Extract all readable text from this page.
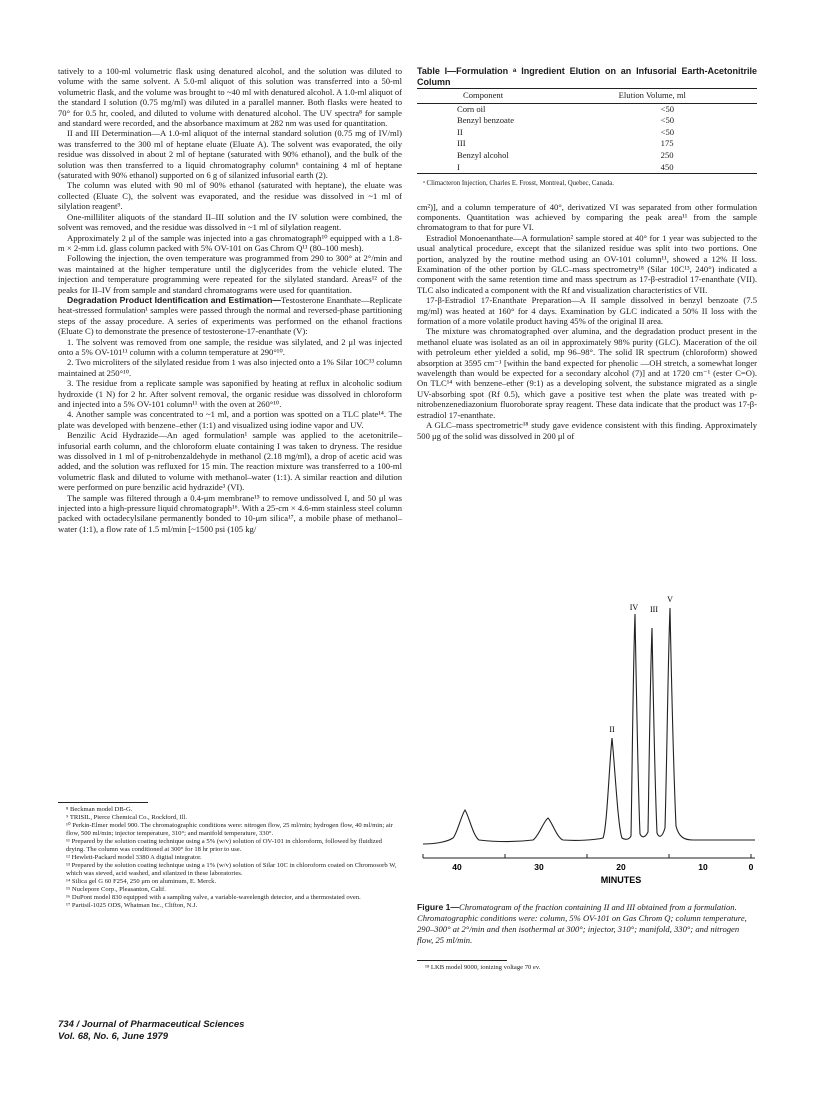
tatively to a 100-ml volumetric flask using denatured alcohol, and the solution was diluted to volume with the same solvent. A 5.0-ml aliquot of this solution was transferred into a 50-ml volumetric flask, and the volume was brought to ~40 ml with denatured alcohol. A 1.0-ml aliquot of the standard I solution (0.75 mg/ml) was diluted in a parallel manner. Both flasks were heated to 70° for 0.5 hr, cooled, and diluted to volume with denatured alcohol. The UV spectra⁸ for sample and standard were recorded, and the absorbance maximum at 282 nm was used for quantitation.

II and III Determination—A 1.0-ml aliquot of the internal standard solution (0.75 mg of IV/ml) was transferred to the 300 ml of heptane eluate (Eluate A). The solvent was evaporated, the oily residue was dissolved in about 2 ml of heptane (saturated with 90% ethanol), and the bulk of the solution was then transferred to a liquid chromatography column⁶ containing 4 ml of heptane (saturated with 90% ethanol) supported on 6 g of silanized infusorial earth (2).

The column was eluted with 90 ml of 90% ethanol (saturated with heptane), the eluate was collected (Eluate C), the solvent was evaporated, and the residue was dissolved in ~1 ml of silylation reagent⁹.

One-milliliter aliquots of the standard II–III solution and the IV solution were combined, the solvent was removed, and the residue was dissolved in ~1 ml of silylation reagent.

Approximately 2 μl of the sample was injected into a gas chromatograph¹⁰ equipped with a 1.8-m × 2-mm i.d. glass column packed with 5% OV-101 on Gas Chrom Q¹¹ (80–100 mesh).

Following the injection, the oven temperature was programmed from 290 to 300° at 2°/min and was maintained at the higher temperature until the diglycerides from the vehicle eluted. The injection and temperature programming were repeated for the silylated standard. Areas¹² of the peaks for II–IV from sample and standard chromatograms were used for quantitation.

Degradation Product Identification and Estimation—Testosterone Enanthate—Replicate heat-stressed formulation¹ samples were passed through the normal and reversed-phase partitioning steps of the assay procedure. A series of experiments was performed on the ethanol fractions (Eluate C) to demonstrate the presence of testosterone-17-enanthate (V):

1. The solvent was removed from one sample, the residue was silylated, and 2 μl was injected onto a 5% OV-101¹¹ column with a column temperature at 290°¹⁰.

2. Two microliters of the silylated residue from 1 was also injected onto a 1% Silar 10C¹³ column maintained at 250°¹⁰.

3. The residue from a replicate sample was saponified by heating at reflux in alcoholic sodium hydroxide (1 N) for 2 hr. After solvent removal, the organic residue was dissolved in chloroform and injected into a 5% OV-101 column¹¹ with the oven at 260°¹⁰.

4. Another sample was concentrated to ~1 ml, and a portion was spotted on a TLC plate¹⁴. The plate was developed with benzene–ether (1:1) and visualized using iodine vapor and UV.

Benzilic Acid Hydrazide—An aged formulation¹ sample was applied to the acetonitrile–infusorial earth column, and the chloroform eluate containing I was taken to dryness. The residue was dissolved in 1 ml of p-nitrobenzaldehyde in methanol (2.18 mg/ml), a drop of acetic acid was added, and the solution was refluxed for 15 min. The reaction mixture was transferred to a 100-ml volumetric flask and diluted to volume with methanol–water (1:1). A similar reaction and dilution were performed on pure benzilic acid hydrazide³ (VI).

The sample was filtered through a 0.4-μm membrane¹⁵ to remove undissolved I, and 50 μl was injected into a high-pressure liquid chromatograph¹⁶. With a 25-cm × 4.6-mm stainless steel column packed with octadecylsilane permanently bonded to 10-μm silica¹⁷, a mobile phase of methanol–water (1:1), a flow rate of 1.5 ml/min [~1500 psi (105 kg/

⁸ Beckman model DB-G.

⁹ TRISIL, Pierce Chemical Co., Rockford, Ill.

¹⁰ Perkin-Elmer model 900. The chromatographic conditions were: nitrogen flow, 25 ml/min; hydrogen flow, 40 ml/min; air flow, 500 ml/min; injector temperature, 310°; and manifold temperature, 330°.

¹¹ Prepared by the solution coating technique using a 5% (w/v) solution of OV-101 in chloroform, followed by fluidized drying. The column was conditioned at 300° for 18 hr prior to use.

¹² Hewlett-Packard model 3380 A digital integrator.

¹³ Prepared by the solution coating technique using a 1% (w/v) solution of Silar 10C in chloroform coated on Chromosorb W, which was sieved, acid washed, and silanized in these laboratories.

¹⁴ Silica gel G 60 F254, 250 μm on aluminum, E. Merck.

¹⁵ Nuclepore Corp., Pleasanton, Calif.

¹⁶ DuPont model 830 equipped with a sampling valve, a variable-wavelength detector, and a thermostated oven.

¹⁷ Partisil-1025 ODS, Whatman Inc., Clifton, N.J.

Table I—Formulation ᵃ Ingredient Elution on an Infusorial Earth-Acetonitrile Column
Component	Elution Volume, ml
Corn oil	<50
Benzyl benzoate	<50
II	<50
III	175
Benzyl alcohol	250
I	450
ᵃ Climacteron Injection, Charles E. Frosst, Montreal, Quebec, Canada.

cm²)], and a column temperature of 40°, derivatized VI was separated from other formulation components. Quantitation was achieved by comparing the peak area¹¹ from the sample chromatogram to that for pure VI.

Estradiol Monoenanthate—A formulation² sample stored at 40° for 1 year was subjected to the usual analytical procedure, except that the silanized residue was split into two portions. One portion, analyzed by the routine method using an OV-101 column¹¹, showed a 12% II loss. Examination of the other portion by GLC–mass spectrometry¹⁸ (Silar 10C¹³, 240°) indicated a component with the same retention time and mass spectrum as 17-β-estradiol 17-enanthate (VII). TLC also indicated a component with the Rf and visualization characteristics of VII.

17-β-Estradiol 17-Enanthate Preparation—A II sample dissolved in benzyl benzoate (7.5 mg/ml) was heated at 160° for 4 days. Examination by GLC indicated a 50% II loss with the formation of a more volatile product having 45% of the original II area.

The mixture was chromatographed over alumina, and the degradation product present in the methanol eluate was isolated as an oil in approximately 98% purity (GLC). Maceration of the oil with petroleum ether yielded a solid, mp 96–98°. The solid IR spectrum (chloroform) showed absorption at 3595 cm⁻¹ [within the band expected for phenolic —OH stretch, a somewhat longer wavelength than would be expected for a secondary alcohol (7)] and at 1720 cm⁻¹ (ester C=O). On TLC¹⁴ with benzene–ether (9:1) as a developing solvent, the substance migrated as a single UV-absorbing spot (Rf 0.5), which gave a positive test when the plate was treated with p-nitrobenzenediazonium fluoroborate spray reagent. These data indicate that the product was 17-β-estradiol 17-enanthate.

A GLC–mass spectrometric¹⁸ study gave evidence consistent with this finding. Approximately 500 μg of the solid was dissolved in 200 μl of

II
IV III
V
40	30	20	10	0
MINUTES
Figure 1—Chromatogram of the fraction containing II and III obtained from a formulation. Chromatographic conditions were: column, 5% OV-101 on Gas Chrom Q; column temperature, 290–300° at 2°/min and then isothermal at 300°; injector, 310°; manifold, 330°; and nitrogen flow, 25 ml/min.

¹⁸ LKB model 9000, ionizing voltage 70 ev.

734 / Journal of Pharmaceutical Sciences
Vol. 68, No. 6, June 1979
